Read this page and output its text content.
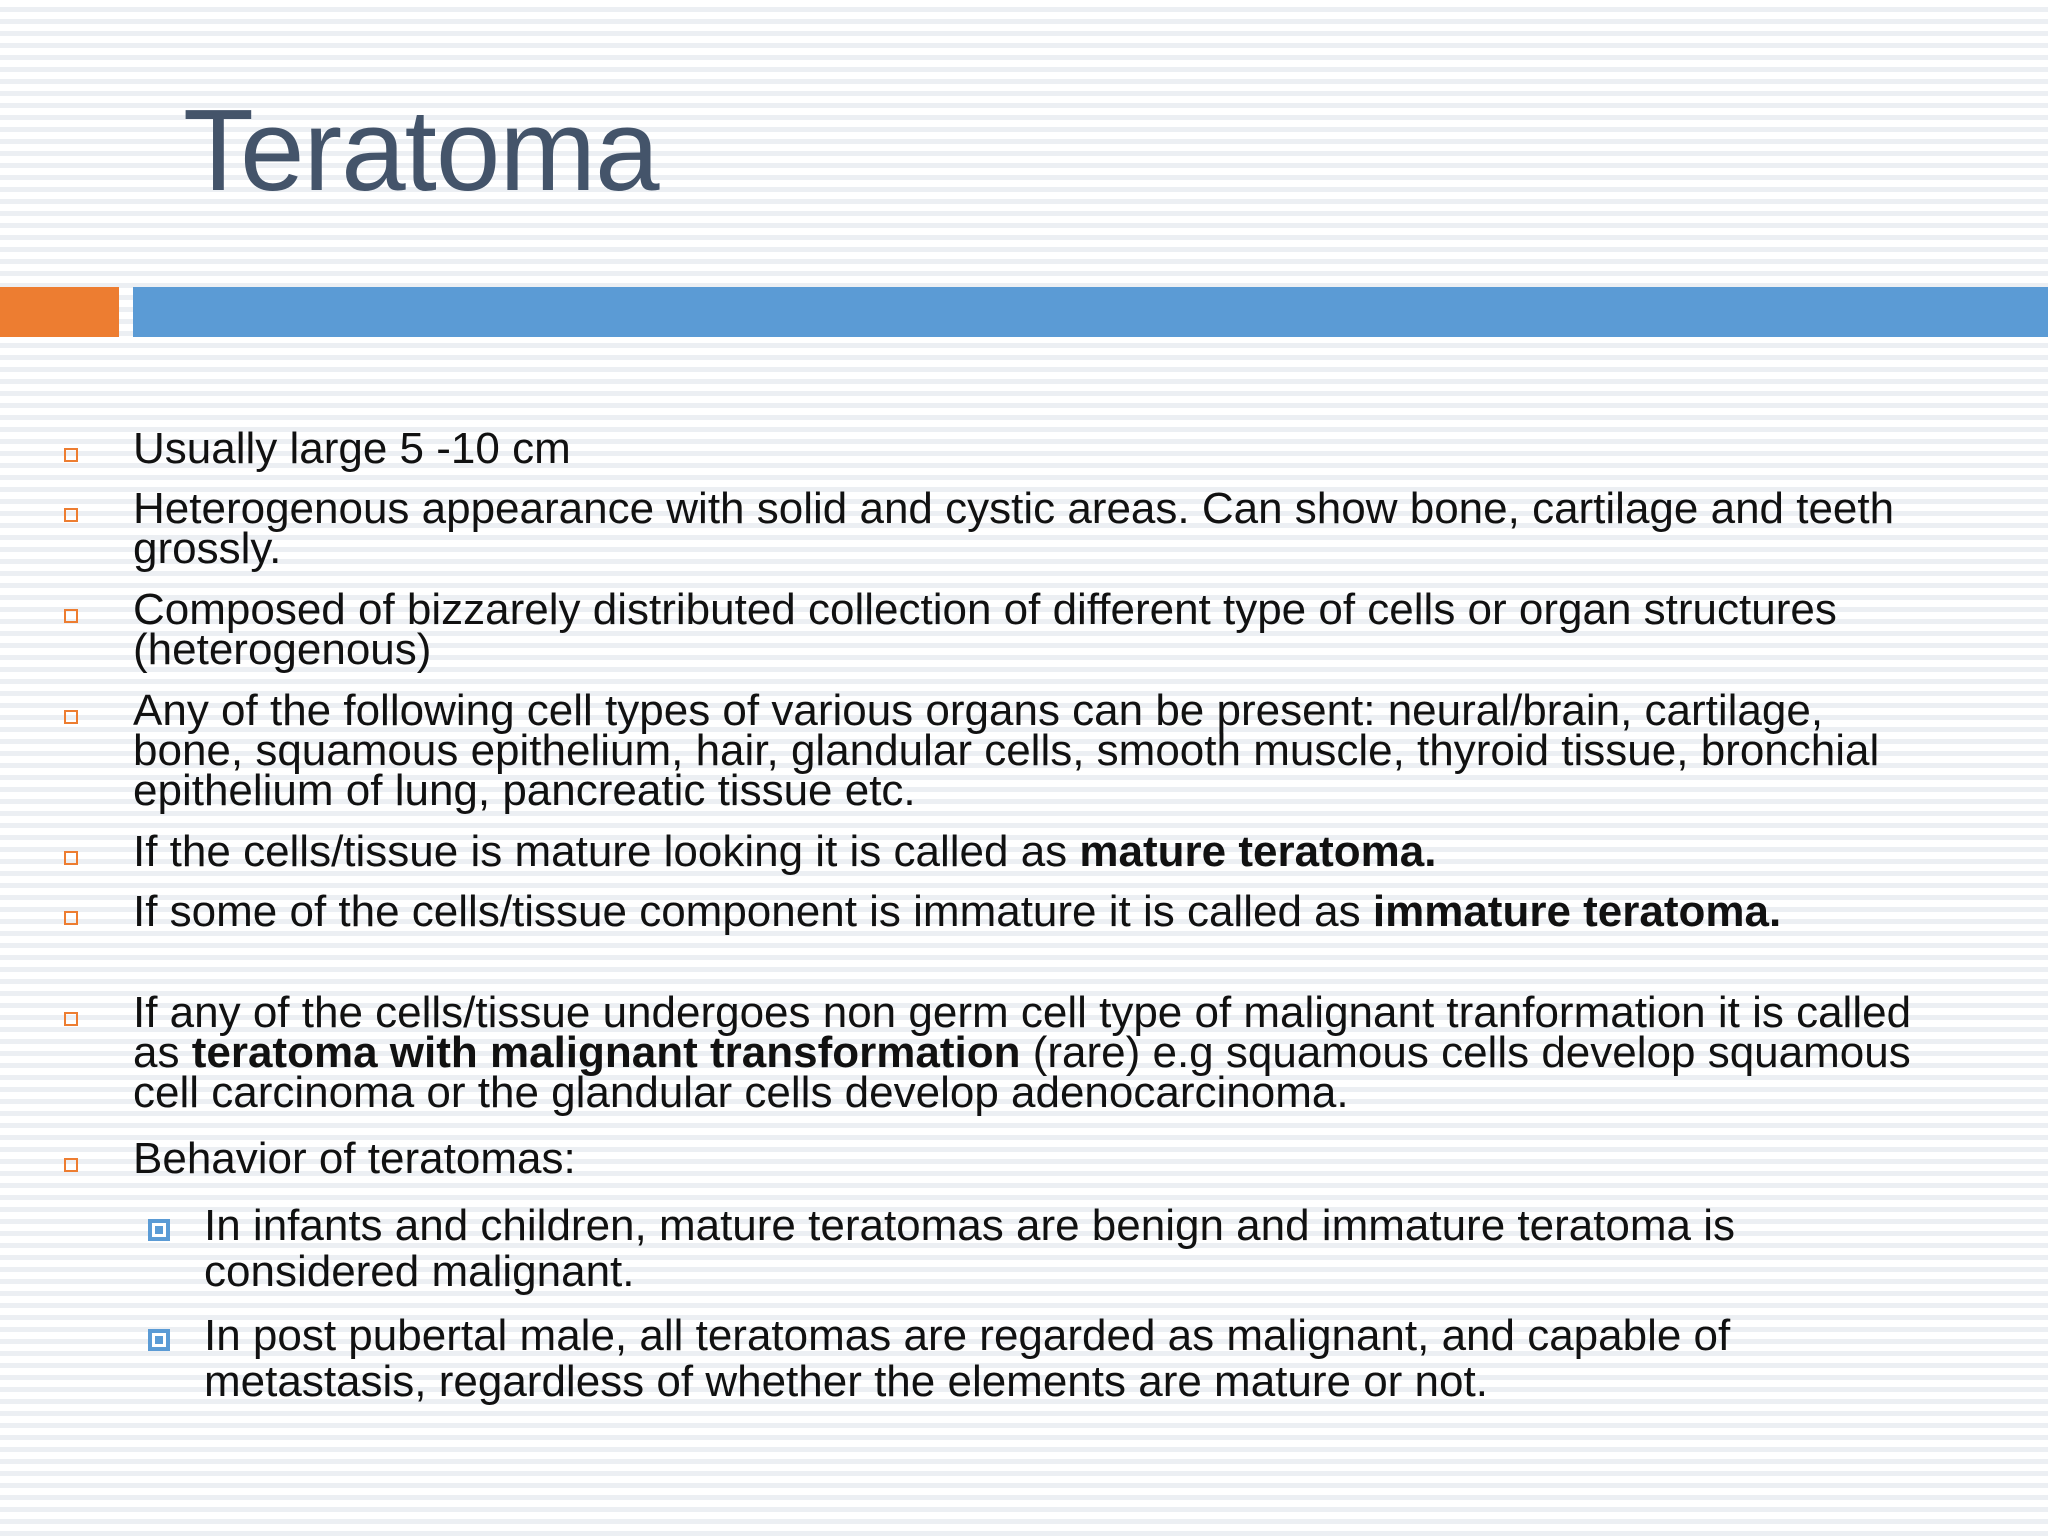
Teratoma
Usually large 5 -10 cm
Heterogenous appearance with solid and cystic areas. Can show bone, cartilage and teeth grossly.
Composed of bizzarely distributed collection of different type of cells or organ structures (heterogenous)
Any of the following cell types of various organs can be present: neural/brain, cartilage, bone, squamous epithelium, hair, glandular cells, smooth muscle, thyroid tissue, bronchial epithelium of lung, pancreatic tissue etc.
If the cells/tissue is mature looking it is called as mature teratoma.
If some of the cells/tissue component is immature it is called as immature teratoma.
If any of the cells/tissue undergoes non germ cell type of malignant tranformation it is called as teratoma with malignant transformation (rare) e.g squamous cells develop squamous cell carcinoma or the glandular cells develop adenocarcinoma.
Behavior of teratomas:
In infants and children, mature teratomas are benign and immature teratoma is considered malignant.
In post pubertal male, all teratomas are regarded as malignant, and capable of metastasis, regardless of whether the elements are mature or not.
